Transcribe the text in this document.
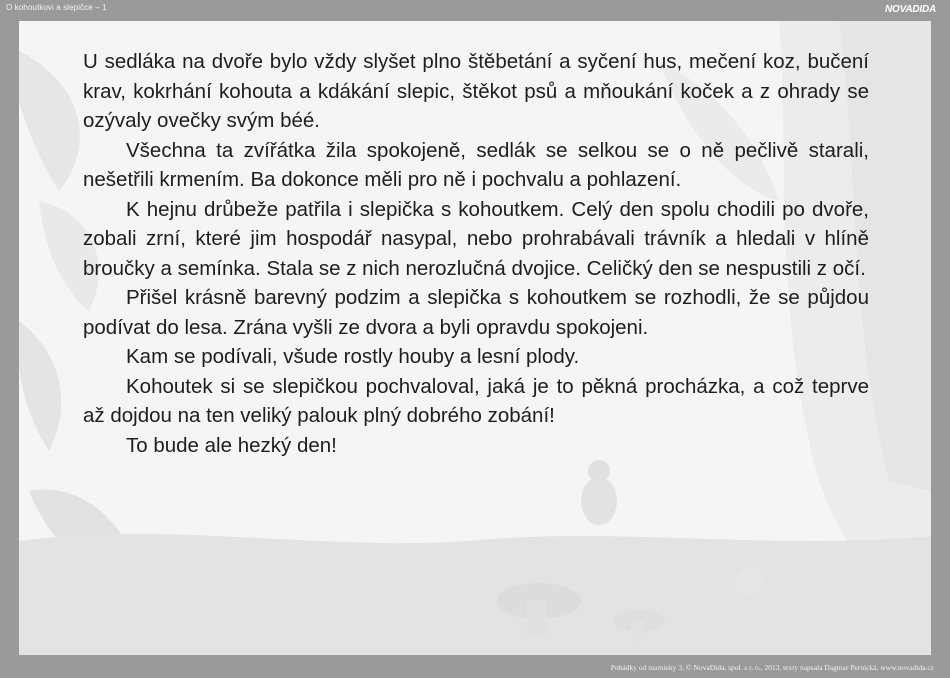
O kohoutkovi a slepičce – 1	NOVADIDA

U sedláka na dvoře bylo vždy slyšet plno štěbetání a syčení hus, mečení koz, bučení krav, kokrhání kohouta a kdákání slepic, štěkot psů a mňoukání koček a z ohrady se ozývaly ovečky svým béé.

Všechna ta zvířátka žila spokojeně, sedlák se selkou se o ně pečlivě starali, nešetřili krmením. Ba dokonce měli pro ně i pochvalu a pohlazení.

K hejnu drůbeže patřila i slepička s kohoutkem. Celý den spolu chodili po dvoře, zobali zrní, které jim hospodář nasypal, nebo prohrabávali trávník a hledali v hlíně broučky a semínka. Stala se z nich nerozlučná dvojice. Celičký den se nespustili z očí.

Přišel krásně barevný podzim a slepička s kohoutkem se rozhodli, že se půjdou podívat do lesa. Zrána vyšli ze dvora a byli opravdu spokojeni.

Kam se podívali, všude rostly houby a lesní plody.

Kohoutek si se slepičkou pochvaloval, jaká je to pěkná procházka, a což teprve až dojdou na ten veliký palouk plný dobrého zobání!

To bude ale hezký den!

Pohádky od maminky 3, © NovaDida, spol. s r. o., 2013, texty napsala Dagmar Pernická, www.novadida.cz
